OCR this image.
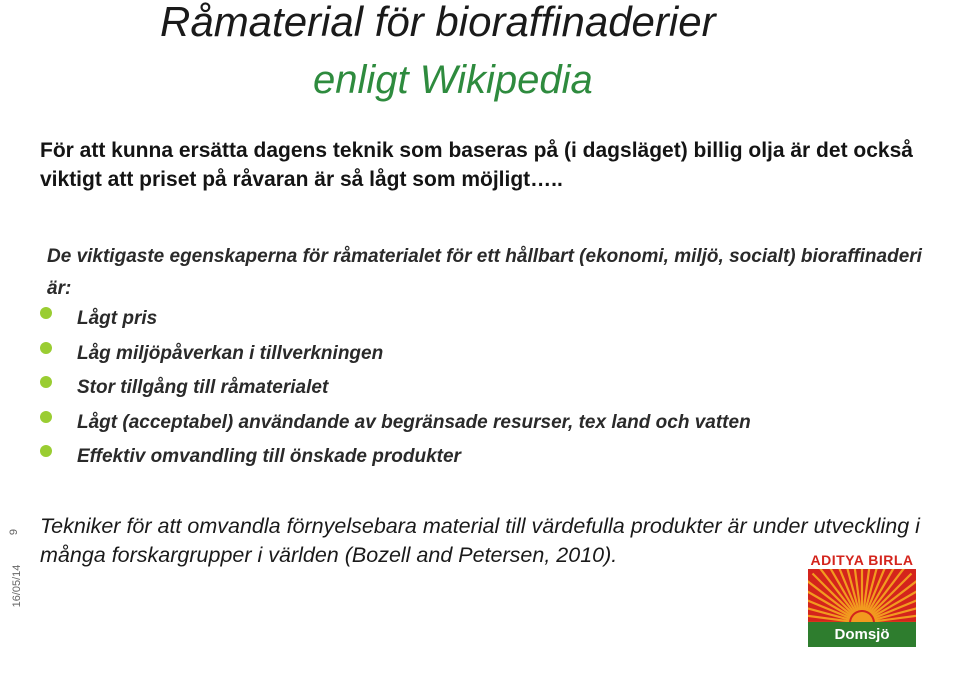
Råmaterial för bioraffinaderier
enligt Wikipedia

För att kunna ersätta dagens teknik som baseras på (i dagsläget) billig olja är det också viktigt att priset på råvaran är så lågt som möjligt…..

De viktigaste egenskaperna för råmaterialet för ett hållbart (ekonomi, miljö, socialt) bioraffinaderi är:

Lågt pris
Låg miljöpåverkan i tillverkningen
Stor tillgång till råmaterialet
Lågt (acceptabel) användande av begränsade resurser, tex land och vatten
Effektiv omvandling till önskade produkter
9
16/05/14

Tekniker för att omvandla förnyelsebara material till värdefulla produkter är under utveckling i många forskargrupper i världen (Bozell and Petersen, 2010).	ADITYA BIRLA
Domsjö
